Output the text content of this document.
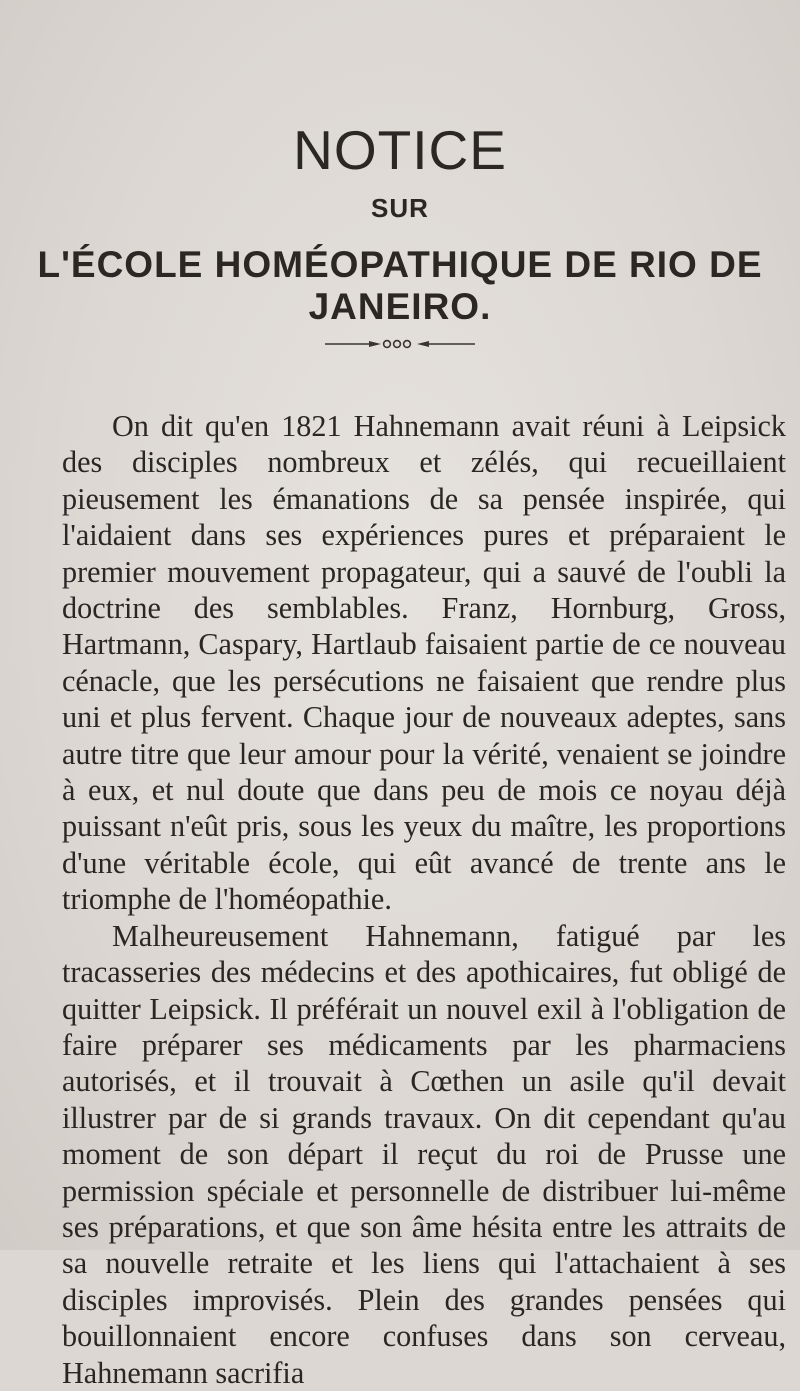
NOTICE
SUR
L'ÉCOLE HOMÉOPATHIQUE DE RIO DE JANEIRO.

On dit qu'en 1821 Hahnemann avait réuni à Leipsick des disciples nombreux et zélés, qui recueillaient pieusement les émanations de sa pensée inspirée, qui l'aidaient dans ses expériences pures et préparaient le premier mouvement propagateur, qui a sauvé de l'oubli la doctrine des semblables. Franz, Hornburg, Gross, Hartmann, Caspary, Hartlaub faisaient partie de ce nouveau cénacle, que les persécutions ne faisaient que rendre plus uni et plus fervent. Chaque jour de nouveaux adeptes, sans autre titre que leur amour pour la vérité, venaient se joindre à eux, et nul doute que dans peu de mois ce noyau déjà puissant n'eût pris, sous les yeux du maître, les proportions d'une véritable école, qui eût avancé de trente ans le triomphe de l'homéopathie.

Malheureusement Hahnemann, fatigué par les tracasseries des médecins et des apothicaires, fut obligé de quitter Leipsick. Il préférait un nouvel exil à l'obligation de faire préparer ses médicaments par les pharmaciens autorisés, et il trouvait à Cœthen un asile qu'il devait illustrer par de si grands travaux. On dit cependant qu'au moment de son départ il reçut du roi de Prusse une permission spéciale et personnelle de distribuer lui-même ses préparations, et que son âme hésita entre les attraits de sa nouvelle retraite et les liens qui l'attachaient à ses disciples improvisés. Plein des grandes pensées qui bouillonnaient encore confuses dans son cerveau, Hahnemann sacrifia
